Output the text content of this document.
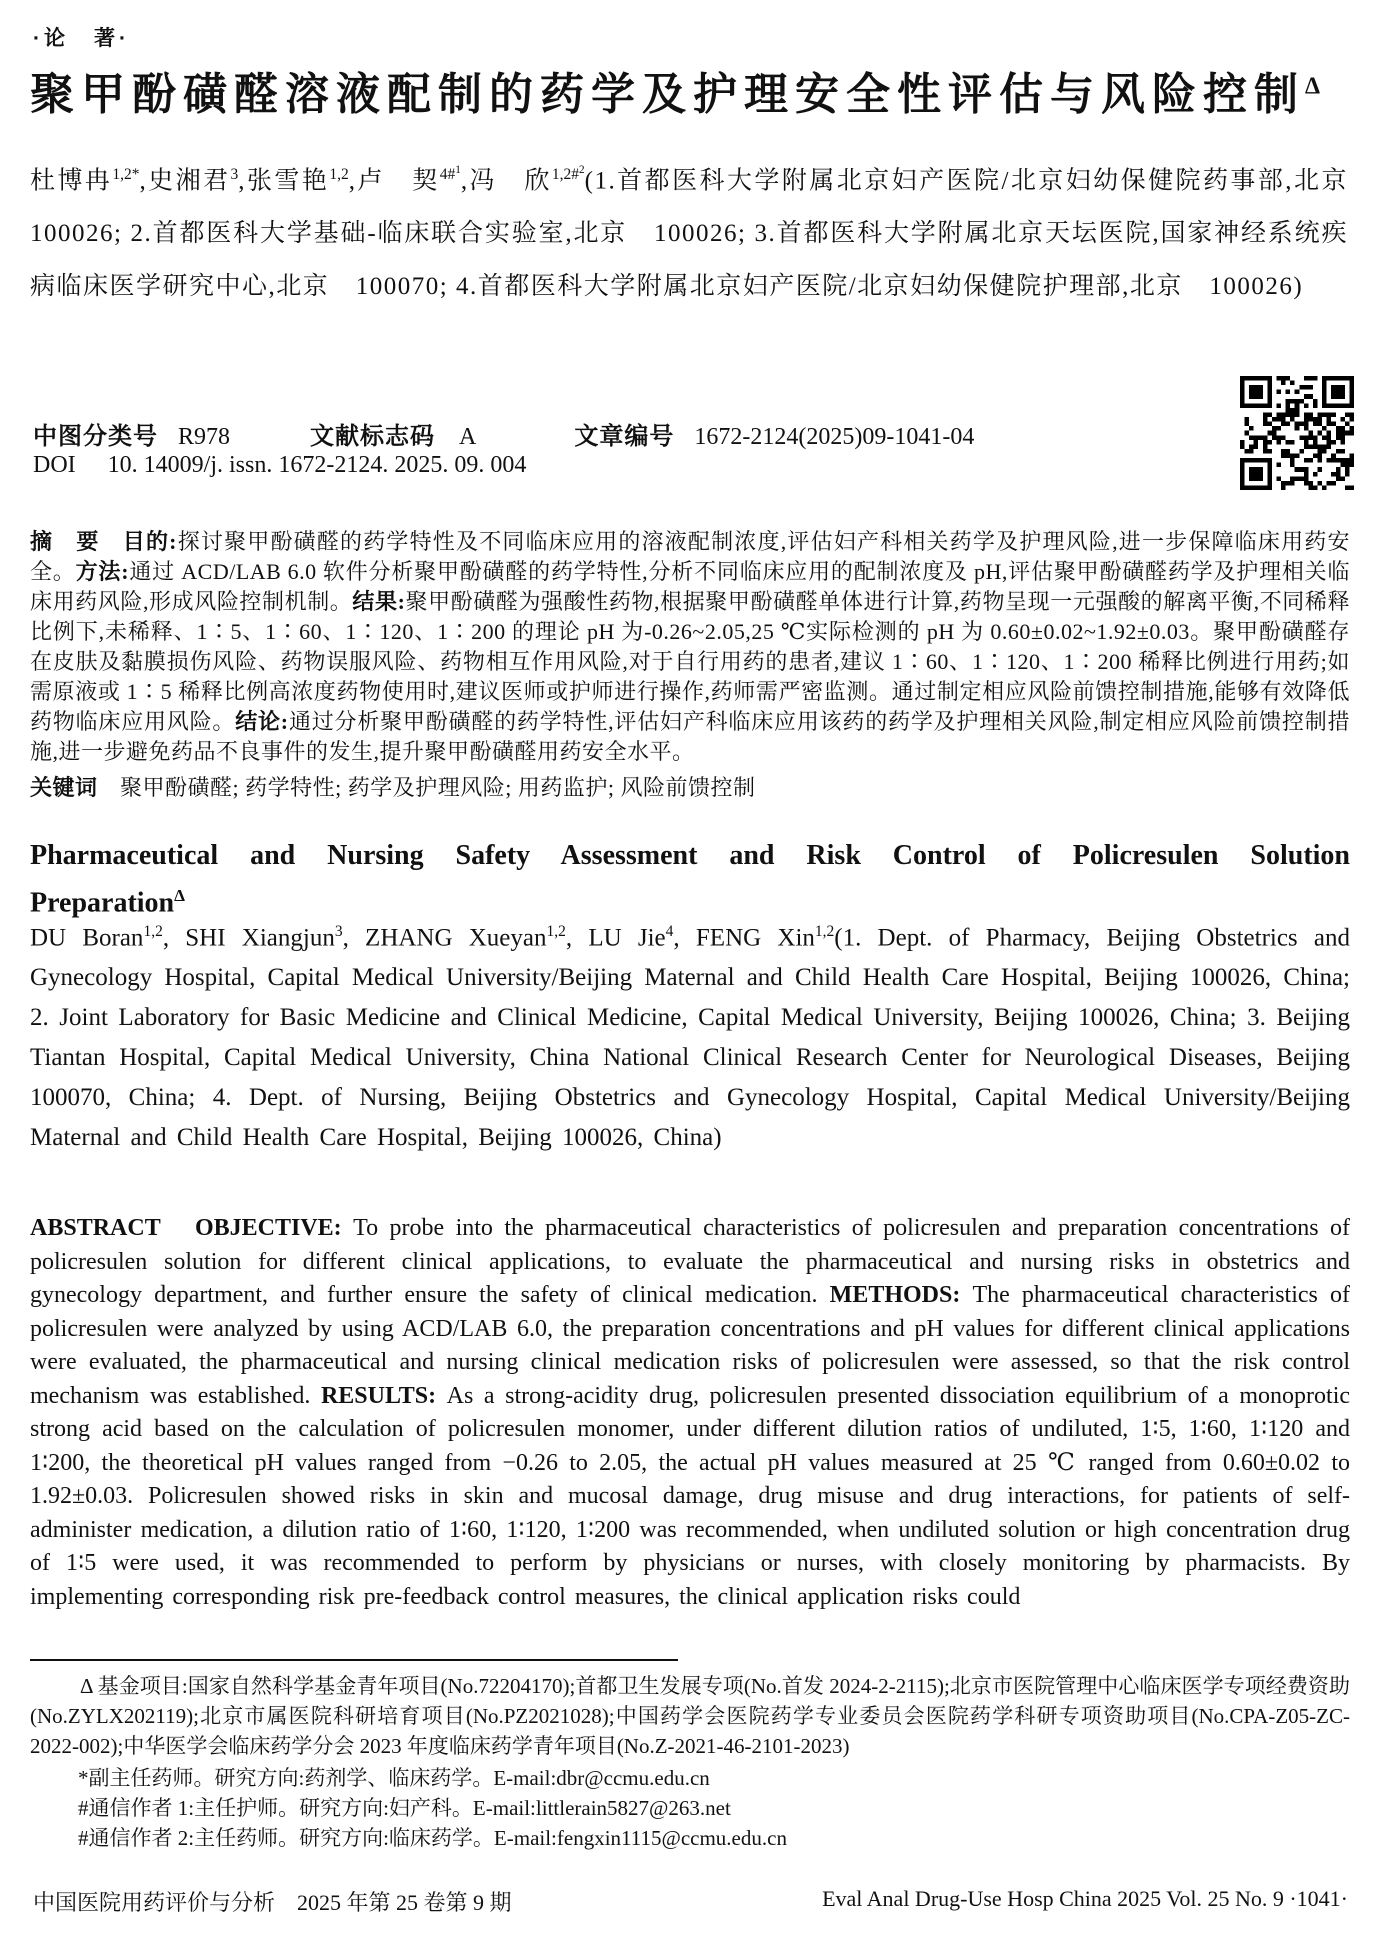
·论　著·
聚甲酚磺醛溶液配制的药学及护理安全性评估与风险控制$^\Delta$

杜博冉$^{1,2*}$,史湘君$^3$,张雪艳$^{1,2}$,卢　契$^{4\#1}$,冯　欣$^{1,2\#2}$(1.首都医科大学附属北京妇产医院/北京妇幼保健院药事部,北京　100026; 2.首都医科大学基础-临床联合实验室,北京　100026; 3.首都医科大学附属北京天坛医院,国家神经系统疾病临床医学研究中心,北京　100070; 4.首都医科大学附属北京妇产医院/北京妇幼保健院护理部,北京　100026)

中图分类号 R978	文献标志码 A	文章编号 1672-2124(2025)09-1041-04
DOI 10. 14009/j. issn. 1672-2124. 2025. 09. 004

摘　要　目的:探讨聚甲酚磺醛的药学特性及不同临床应用的溶液配制浓度,评估妇产科相关药学及护理风险,进一步保障临床用药安全。方法:通过 ACD/LAB 6.0 软件分析聚甲酚磺醛的药学特性,分析不同临床应用的配制浓度及 pH,评估聚甲酚磺醛药学及护理相关临床用药风险,形成风险控制机制。结果:聚甲酚磺醛为强酸性药物,根据聚甲酚磺醛单体进行计算,药物呈现一元强酸的解离平衡,不同稀释比例下,未稀释、1∶5、1∶60、1∶120、1∶200 的理论 pH 为-0.26~2.05,25 ℃实际检测的 pH 为 0.60±0.02~1.92±0.03。聚甲酚磺醛存在皮肤及黏膜损伤风险、药物误服风险、药物相互作用风险,对于自行用药的患者,建议 1∶60、1∶120、1∶200 稀释比例进行用药;如需原液或 1∶5 稀释比例高浓度药物使用时,建议医师或护师进行操作,药师需严密监测。通过制定相应风险前馈控制措施,能够有效降低药物临床应用风险。结论:通过分析聚甲酚磺醛的药学特性,评估妇产科临床应用该药的药学及护理相关风险,制定相应风险前馈控制措施,进一步避免药品不良事件的发生,提升聚甲酚磺醛用药安全水平。

关键词　聚甲酚磺醛; 药学特性; 药学及护理风险; 用药监护; 风险前馈控制

Pharmaceutical and Nursing Safety Assessment and Risk Control of Policresulen Solution Preparation$^\Delta$

DU Boran$^{1,2}$, SHI Xiangjun$^3$, ZHANG Xueyan$^{1,2}$, LU Jie$^4$, FENG Xin$^{1,2}$(1. Dept. of Pharmacy, Beijing Obstetrics and Gynecology Hospital, Capital Medical University/Beijing Maternal and Child Health Care Hospital, Beijing 100026, China; 2. Joint Laboratory for Basic Medicine and Clinical Medicine, Capital Medical University, Beijing 100026, China; 3. Beijing Tiantan Hospital, Capital Medical University, China National Clinical Research Center for Neurological Diseases, Beijing 100070, China; 4. Dept. of Nursing, Beijing Obstetrics and Gynecology Hospital, Capital Medical University/Beijing Maternal and Child Health Care Hospital, Beijing 100026, China)

ABSTRACT   OBJECTIVE: To probe into the pharmaceutical characteristics of policresulen and preparation concentrations of policresulen solution for different clinical applications, to evaluate the pharmaceutical and nursing risks in obstetrics and gynecology department, and further ensure the safety of clinical medication. METHODS: The pharmaceutical characteristics of policresulen were analyzed by using ACD/LAB 6.0, the preparation concentrations and pH values for different clinical applications were evaluated, the pharmaceutical and nursing clinical medication risks of policresulen were assessed, so that the risk control mechanism was established. RESULTS: As a strong-acidity drug, policresulen presented dissociation equilibrium of a monoprotic strong acid based on the calculation of policresulen monomer, under different dilution ratios of undiluted, 1∶5, 1∶60, 1∶120 and 1∶200, the theoretical pH values ranged from −0.26 to 2.05, the actual pH values measured at 25 ℃ ranged from 0.60±0.02 to 1.92±0.03. Policresulen showed risks in skin and mucosal damage, drug misuse and drug interactions, for patients of self-administer medication, a dilution ratio of 1∶60, 1∶120, 1∶200 was recommended, when undiluted solution or high concentration drug of 1∶5 were used, it was recommended to perform by physicians or nurses, with closely monitoring by pharmacists. By implementing corresponding risk pre-feedback control measures, the clinical application risks could

Δ 基金项目:国家自然科学基金青年项目(No.72204170);首都卫生发展专项(No.首发 2024-2-2115);北京市医院管理中心临床医学专项经费资助(No.ZYLX202119);北京市属医院科研培育项目(No.PZ2021028);中国药学会医院药学专业委员会医院药学科研专项资助项目(No.CPA-Z05-ZC-2022-002);中华医学会临床药学分会 2023 年度临床药学青年项目(No.Z-2021-46-2101-2023)

*副主任药师。研究方向:药剂学、临床药学。E-mail:dbr@ccmu.edu.cn

#通信作者 1:主任护师。研究方向:妇产科。E-mail:littlerain5827@263.net

#通信作者 2:主任药师。研究方向:临床药学。E-mail:fengxin1115@ccmu.edu.cn

中国医院用药评价与分析　2025 年第 25 卷第 9 期	Eval Anal Drug-Use Hosp China 2025 Vol. 25 No. 9 ·1041·
